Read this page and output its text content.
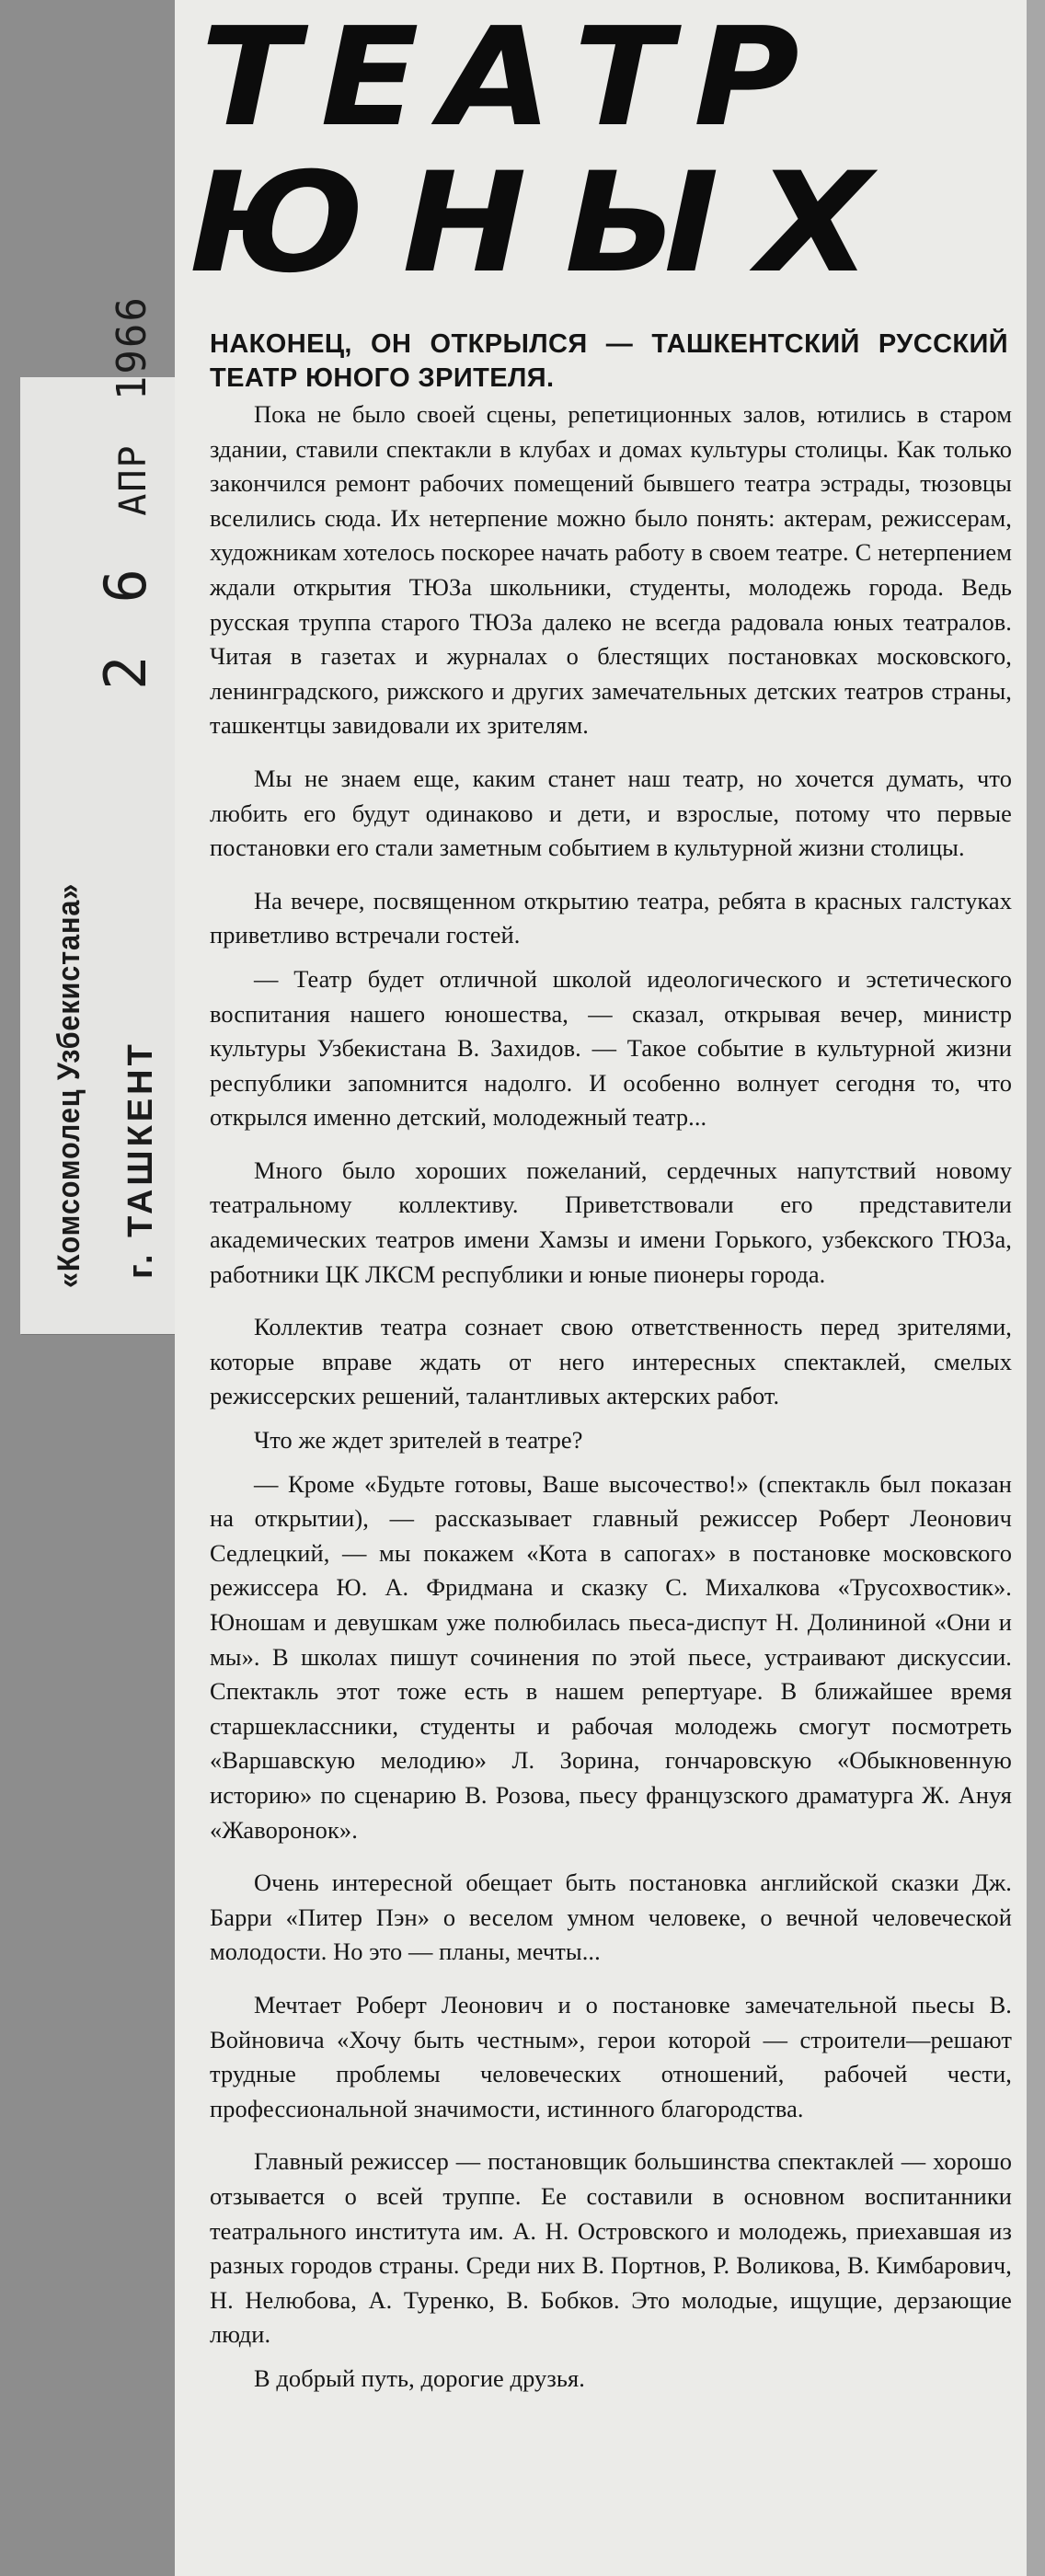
«Комсомолец Узбекистана» г. ТАШКЕНТ
2 6 АПР 1966
ТЕАТР
ЮНЫХ

НАКОНЕЦ, ОН ОТКРЫЛСЯ — ТАШКЕНТСКИЙ РУССКИЙ ТЕАТР ЮНОГО ЗРИТЕЛЯ.

Пока не было своей сцены, репетиционных залов, ютились в старом здании, ставили спектакли в клубах и домах культуры столицы. Как только закончился ремонт рабочих помещений бывшего театра эстрады, тюзовцы вселились сюда. Их нетерпение можно было понять: актерам, режиссерам, художникам хотелось поскорее начать работу в своем театре. С нетерпением ждали открытия ТЮЗа школьники, студенты, молодежь города. Ведь русская труппа старого ТЮЗа далеко не всегда радовала юных театралов. Читая в газетах и журналах о блестящих постановках московского, ленинградского, рижского и других замечательных детских театров страны, ташкентцы завидовали их зрителям.

Мы не знаем еще, каким станет наш театр, но хочется думать, что любить его будут одинаково и дети, и взрослые, потому что первые постановки его стали заметным событием в культурной жизни столицы.

На вечере, посвященном открытию театра, ребята в красных галстуках приветливо встречали гостей.

— Театр будет отличной школой идеологического и эстетического воспитания нашего юношества, — сказал, открывая вечер, министр культуры Узбекистана В. Захидов. — Такое событие в культурной жизни республики запомнится надолго. И особенно волнует сегодня то, что открылся именно детский, молодежный театр...

Много было хороших пожеланий, сердечных напутствий новому театральному коллективу. Приветствовали его представители академических театров имени Хамзы и имени Горького, узбекского ТЮЗа, работники ЦК ЛКСМ республики и юные пионеры города.

Коллектив театра сознает свою ответственность перед зрителями, которые вправе ждать от него интересных спектаклей, смелых режиссерских решений, талантливых актерских работ.

Что же ждет зрителей в театре?

— Кроме «Будьте готовы, Ваше высочество!» (спектакль был показан на открытии), — рассказывает главный режиссер Роберт Леонович Седлецкий, — мы покажем «Кота в сапогах» в постановке московского режиссера Ю. А. Фридмана и сказку С. Михалкова «Трусохвостик». Юношам и девушкам уже полюбилась пьеса-диспут Н. Долининой «Они и мы». В школах пишут сочинения по этой пьесе, устраивают дискуссии. Спектакль этот тоже есть в нашем репертуаре. В ближайшее время старшеклассники, студенты и рабочая молодежь смогут посмотреть «Варшавскую мелодию» Л. Зорина, гончаровскую «Обыкновенную историю» по сценарию В. Розова, пьесу французского драматурга Ж. Ануя «Жаворонок».

Очень интересной обещает быть постановка английской сказки Дж. Барри «Питер Пэн» о веселом умном человеке, о вечной человеческой молодости. Но это — планы, мечты...

Мечтает Роберт Леонович и о постановке замечательной пьесы В. Войновича «Хочу быть честным», герои которой — строители—решают трудные проблемы человеческих отношений, рабочей чести, профессиональной значимости, истинного благородства.

Главный режиссер — постановщик большинства спектаклей — хорошо отзывается о всей труппе. Ее составили в основном воспитанники театрального института им. А. Н. Островского и молодежь, приехавшая из разных городов страны. Среди них В. Портнов, Р. Воликова, В. Кимбарович, Н. Нелюбова, А. Туренко, В. Бобков. Это молодые, ищущие, дерзающие люди.

В добрый путь, дорогие друзья.
